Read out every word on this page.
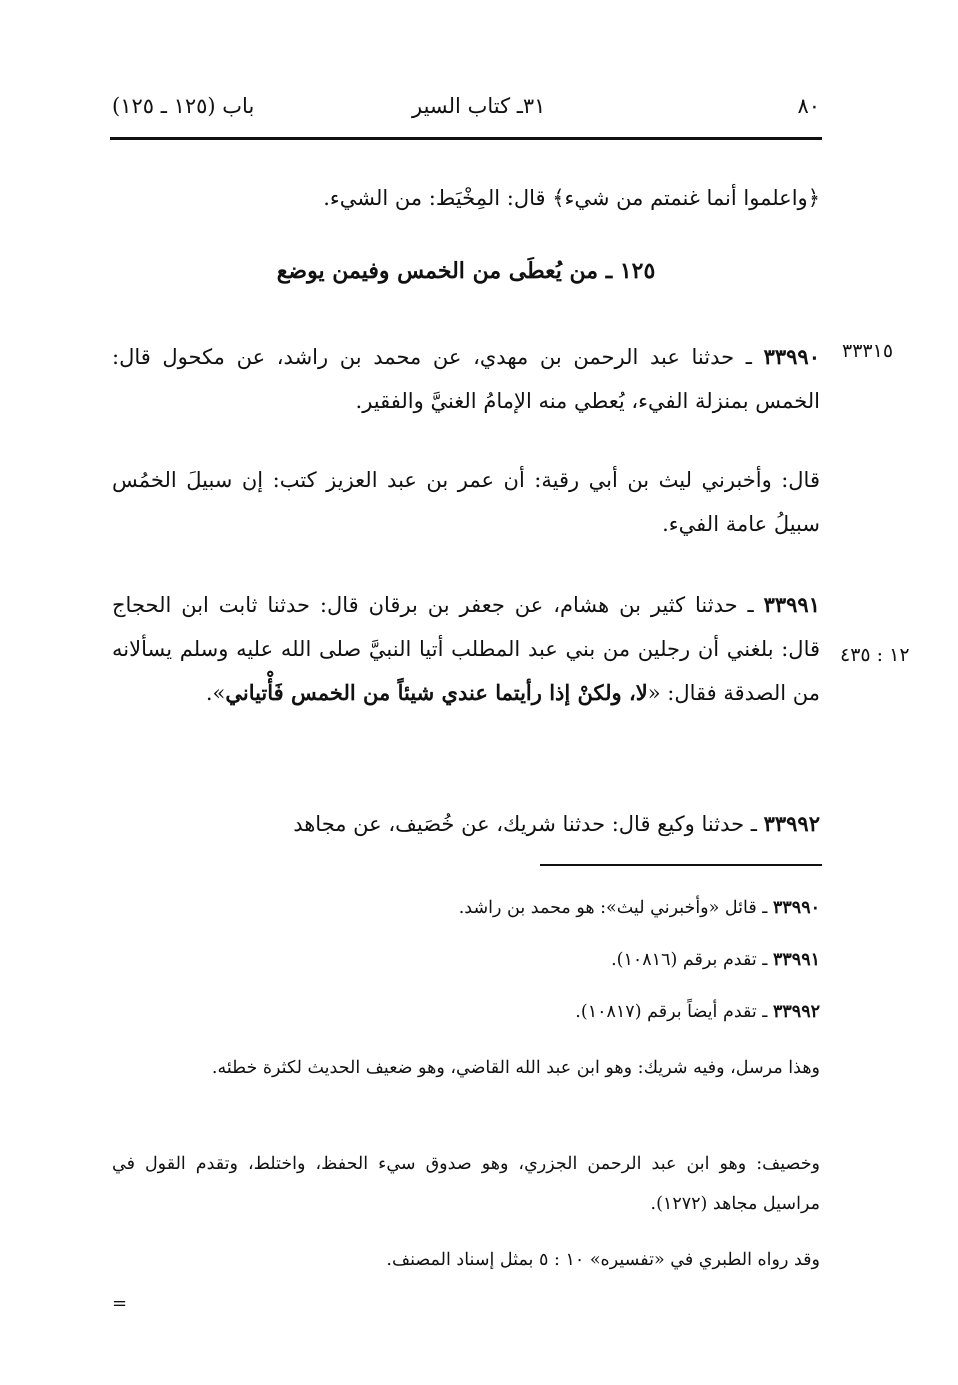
٨٠
٣١ـ كتاب السير
باب (١٢٥ ـ ١٢٥)
﴿واعلموا أنما غنمتم من شيء﴾ قال: المِخْيَط: من الشيء.
١٢٥ ـ من يُعطَى من الخمس وفيمن يوضع
٣٣٣١٥
٣٣٩٩٠ ـ حدثنا عبد الرحمن بن مهدي، عن محمد بن راشد، عن مكحول قال: الخمس بمنزلة الفيء، يُعطي منه الإمامُ الغنيَّ والفقير.
قال: وأخبرني ليث بن أبي رقية: أن عمر بن عبد العزيز كتب: إن سبيلَ الخمُس سبيلُ عامة الفيء.
١٢ : ٤٣٥
٣٣٩٩١ ـ حدثنا كثير بن هشام، عن جعفر بن برقان قال: حدثنا ثابت ابن الحجاج قال: بلغني أن رجلين من بني عبد المطلب أتيا النبيَّ صلى الله عليه وسلم يسألانه من الصدقة فقال: «لا، ولكنْ إذا رأيتما عندي شيئاً من الخمس فَأْتياني».
٣٣٩٩٢ ـ حدثنا وكيع قال: حدثنا شريك، عن خُصَيف، عن مجاهد
٣٣٩٩٠ ـ قائل «وأخبرني ليث»: هو محمد بن راشد.
٣٣٩٩١ ـ تقدم برقم (١٠٨١٦).
٣٣٩٩٢ ـ تقدم أيضاً برقم (١٠٨١٧).
وهذا مرسل، وفيه شريك: وهو ابن عبد الله القاضي، وهو ضعيف الحديث لكثرة خطئه.
وخصيف: وهو ابن عبد الرحمن الجزري، وهو صدوق سيء الحفظ، واختلط، وتقدم القول في مراسيل مجاهد (١٢٧٢).
وقد رواه الطبري في «تفسيره» ١٠ : ٥ بمثل إسناد المصنف.
=
